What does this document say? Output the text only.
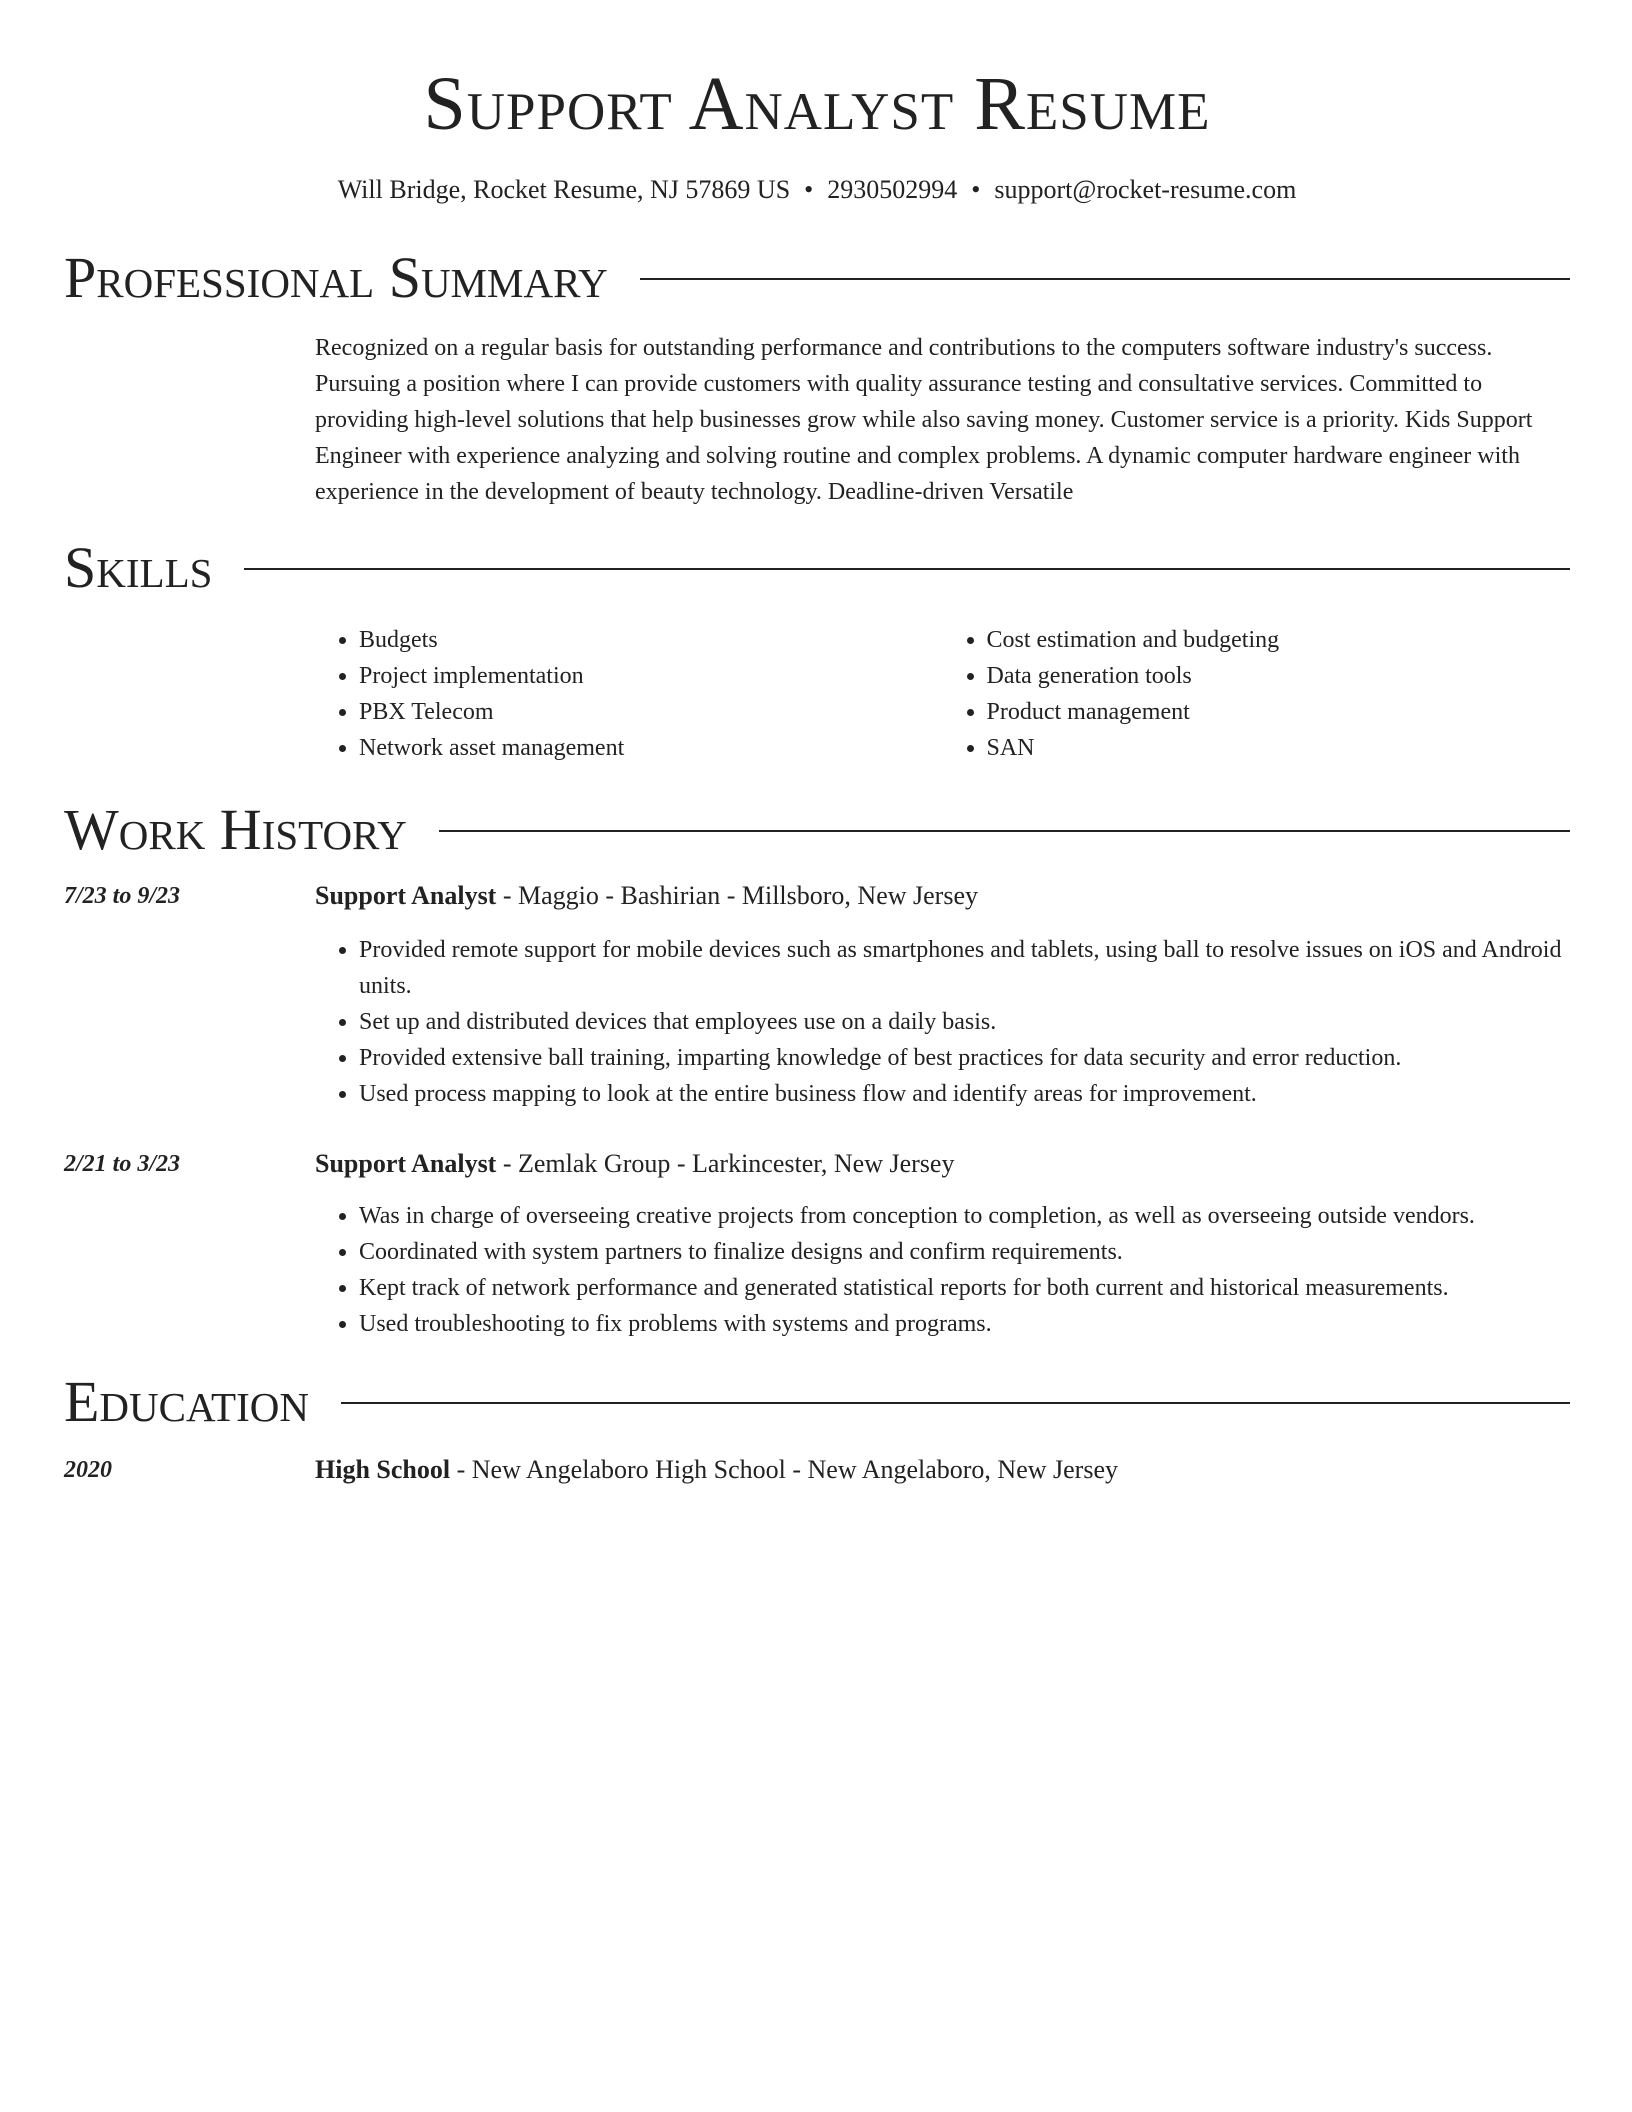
Support Analyst Resume
Will Bridge, Rocket Resume, NJ 57869 US • 2930502994 • support@rocket-resume.com
Professional Summary
Recognized on a regular basis for outstanding performance and contributions to the computers software industry's success. Pursuing a position where I can provide customers with quality assurance testing and consultative services. Committed to providing high-level solutions that help businesses grow while also saving money. Customer service is a priority. Kids Support Engineer with experience analyzing and solving routine and complex problems. A dynamic computer hardware engineer with experience in the development of beauty technology. Deadline-driven Versatile
Skills
• Budgets
• Project implementation
• PBX Telecom
• Network asset management
• Cost estimation and budgeting
• Data generation tools
• Product management
• SAN
Work History
7/23 to 9/23	Support Analyst - Maggio - Bashirian - Millsboro, New Jersey
• Provided remote support for mobile devices such as smartphones and tablets, using ball to resolve issues on iOS and Android units.
• Set up and distributed devices that employees use on a daily basis.
• Provided extensive ball training, imparting knowledge of best practices for data security and error reduction.
• Used process mapping to look at the entire business flow and identify areas for improvement.
2/21 to 3/23	Support Analyst - Zemlak Group - Larkincester, New Jersey
• Was in charge of overseeing creative projects from conception to completion, as well as overseeing outside vendors.
• Coordinated with system partners to finalize designs and confirm requirements.
• Kept track of network performance and generated statistical reports for both current and historical measurements.
• Used troubleshooting to fix problems with systems and programs.
Education
2020	High School - New Angelaboro High School - New Angelaboro, New Jersey
